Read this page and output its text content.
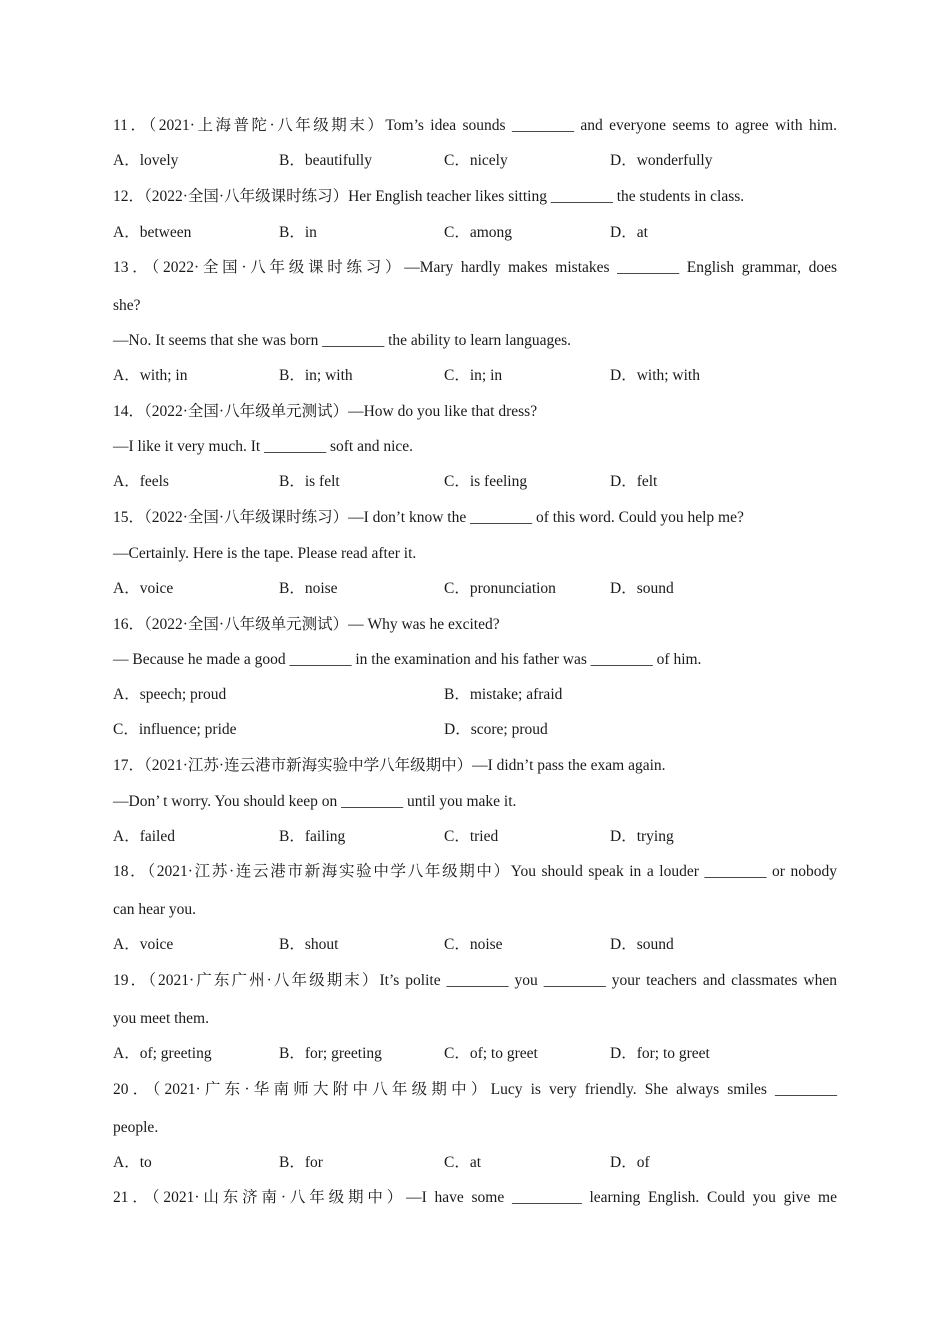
11．（2021·上海普陀·八年级期末）Tom’s idea sounds ________ and everyone seems to agree with him.
A．lovely	B．beautifully	C．nicely	D．wonderfully
12．（2022·全国·八年级课时练习）Her English teacher likes sitting ________ the students in class.
A．between	B．in	C．among	D．at
13．（2022·全国·八年级课时练习）—Mary hardly makes mistakes ________ English grammar, does
she?
—No. It seems that she was born ________ the ability to learn languages.
A．with; in	B．in; with	C．in; in	D．with; with
14．（2022·全国·八年级单元测试）—How do you like that dress?
—I like it very much. It ________ soft and nice.
A．feels	B．is felt	C．is feeling	D．felt
15．（2022·全国·八年级课时练习）—I don’t know the ________ of this word. Could you help me?
—Certainly. Here is the tape. Please read after it.
A．voice	B．noise	C．pronunciation	D．sound
16．（2022·全国·八年级单元测试）— Why was he excited?
— Because he made a good ________ in the examination and his father was ________ of him.
A．speech; proud	B．mistake; afraid
C．influence; pride	D．score; proud
17．（2021·江苏·连云港市新海实验中学八年级期中）—I didn’t pass the exam again.
—Don’ t worry. You should keep on ________ until you make it.
A．failed	B．failing	C．tried	D．trying
18．（2021·江苏·连云港市新海实验中学八年级期中）You should speak in a louder ________ or nobody
can hear you.
A．voice	B．shout	C．noise	D．sound
19．（2021·广东广州·八年级期末）It’s polite ________ you ________ your teachers and classmates when
you meet them.
A．of; greeting	B．for; greeting	C．of; to greet	D．for; to greet
20．（2021·广东·华南师大附中八年级期中）Lucy is very friendly. She always smiles ________
people.
A．to	B．for	C．at	D．of
21．（2021·山东济南·八年级期中）—I have some _________ learning English. Could you give me
